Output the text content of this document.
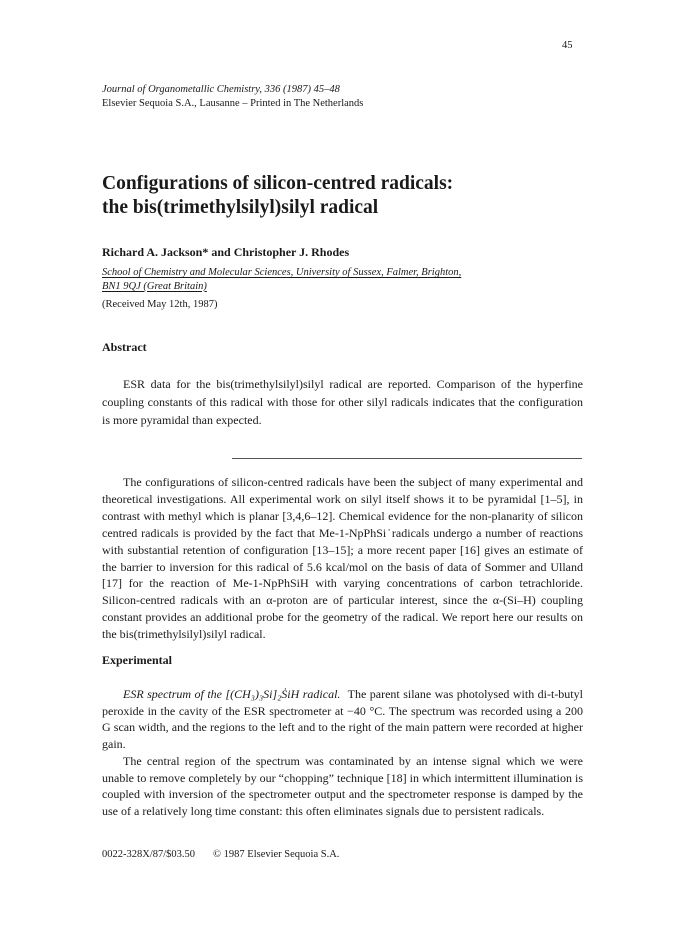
45
Journal of Organometallic Chemistry, 336 (1987) 45–48
Elsevier Sequoia S.A., Lausanne – Printed in The Netherlands
Configurations of silicon-centred radicals:
the bis(trimethylsilyl)silyl radical
Richard A. Jackson* and Christopher J. Rhodes
School of Chemistry and Molecular Sciences, University of Sussex, Falmer, Brighton,
BN1 9QJ (Great Britain)
(Received May 12th, 1987)
Abstract

ESR data for the bis(trimethylsilyl)silyl radical are reported. Comparison of the hyperfine coupling constants of this radical with those for other silyl radicals indicates that the configuration is more pyramidal than expected.

The configurations of silicon-centred radicals have been the subject of many experimental and theoretical investigations. All experimental work on silyl itself shows it to be pyramidal [1–5], in contrast with methyl which is planar [3,4,6–12]. Chemical evidence for the non-planarity of silicon centred radicals is provided by the fact that Me-1-NpPhSi˙radicals undergo a number of reactions with substantial retention of configuration [13–15]; a more recent paper [16] gives an estimate of the barrier to inversion for this radical of 5.6 kcal/mol on the basis of data of Sommer and Ulland [17] for the reaction of Me-1-NpPhSiH with varying concentrations of carbon tetrachloride. Silicon-centred radicals with an α-proton are of particular interest, since the α-(Si–H) coupling constant provides an additional probe for the geometry of the radical. We report here our results on the bis(trimethylsilyl)silyl radical.

Experimental

ESR spectrum of the [(CH₃)₃Si]₂ṠiH radical. The parent silane was photolysed with di-t-butyl peroxide in the cavity of the ESR spectrometer at −40 °C. The spectrum was recorded using a 200 G scan width, and the regions to the left and to the right of the main pattern were recorded at higher gain.

The central region of the spectrum was contaminated by an intense signal which we were unable to remove completely by our “chopping” technique [18] in which intermittent illumination is coupled with inversion of the spectrometer output and the spectrometer response is damped by the use of a relatively long time constant: this often eliminates signals due to persistent radicals.

0022-328X/87/$03.50 © 1987 Elsevier Sequoia S.A.
